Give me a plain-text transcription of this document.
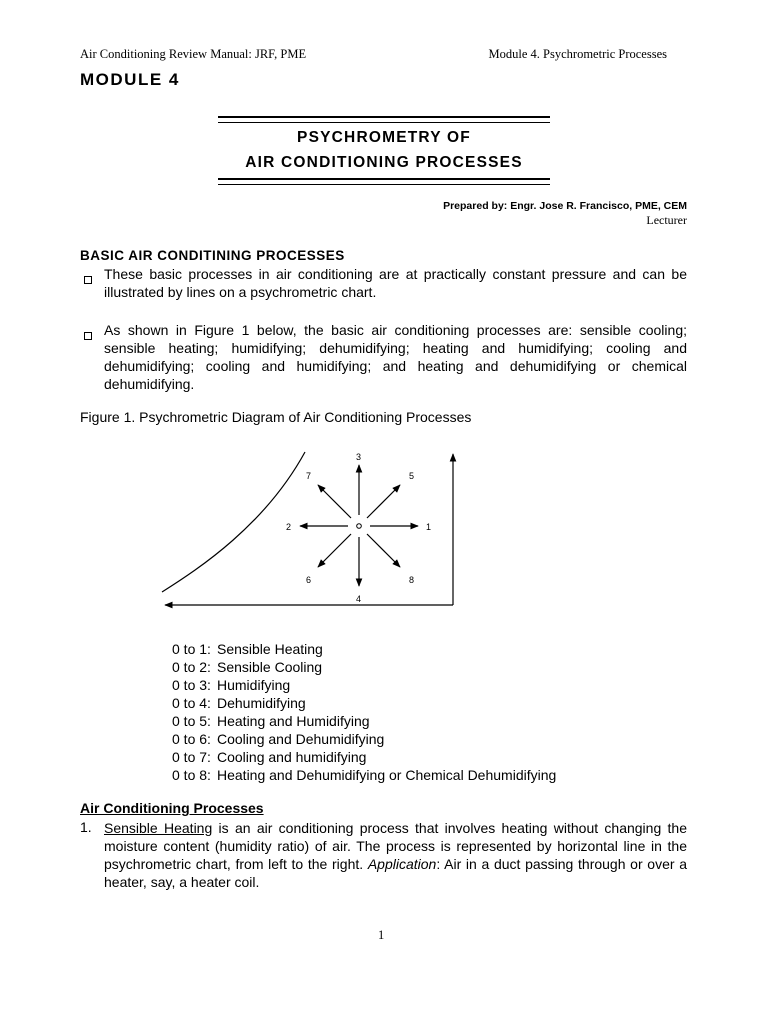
Air Conditioning Review Manual: JRF, PME	Module 4. Psychrometric Processes
MODULE 4
PSYCHROMETRY OF
AIR CONDITIONING PROCESSES
Prepared by: Engr. Jose R. Francisco, PME, CEM
Lecturer
BASIC AIR CONDITINING PROCESSES
These basic processes in air conditioning are at practically constant pressure and can be illustrated by lines on a psychrometric chart.
As shown in Figure 1 below, the basic air conditioning processes are: sensible cooling; sensible heating; humidifying; dehumidifying; heating and humidifying; cooling and dehumidifying; cooling and humidifying; and heating and dehumidifying or chemical dehumidifying.
Figure 1. Psychrometric Diagram of Air Conditioning Processes
1
2
3
4
5
6
7
8
0 to 1: Sensible Heating
0 to 2: Sensible Cooling
0 to 3: Humidifying
0 to 4: Dehumidifying
0 to 5: Heating and Humidifying
0 to 6: Cooling and Dehumidifying
0 to 7: Cooling and humidifying
0 to 8: Heating and Dehumidifying or Chemical Dehumidifying
Air Conditioning Processes
1. Sensible Heating is an air conditioning process that involves heating without changing the moisture content (humidity ratio) of air. The process is represented by horizontal line in the psychrometric chart, from left to the right. Application: Air in a duct passing through or over a heater, say, a heater coil.
1
